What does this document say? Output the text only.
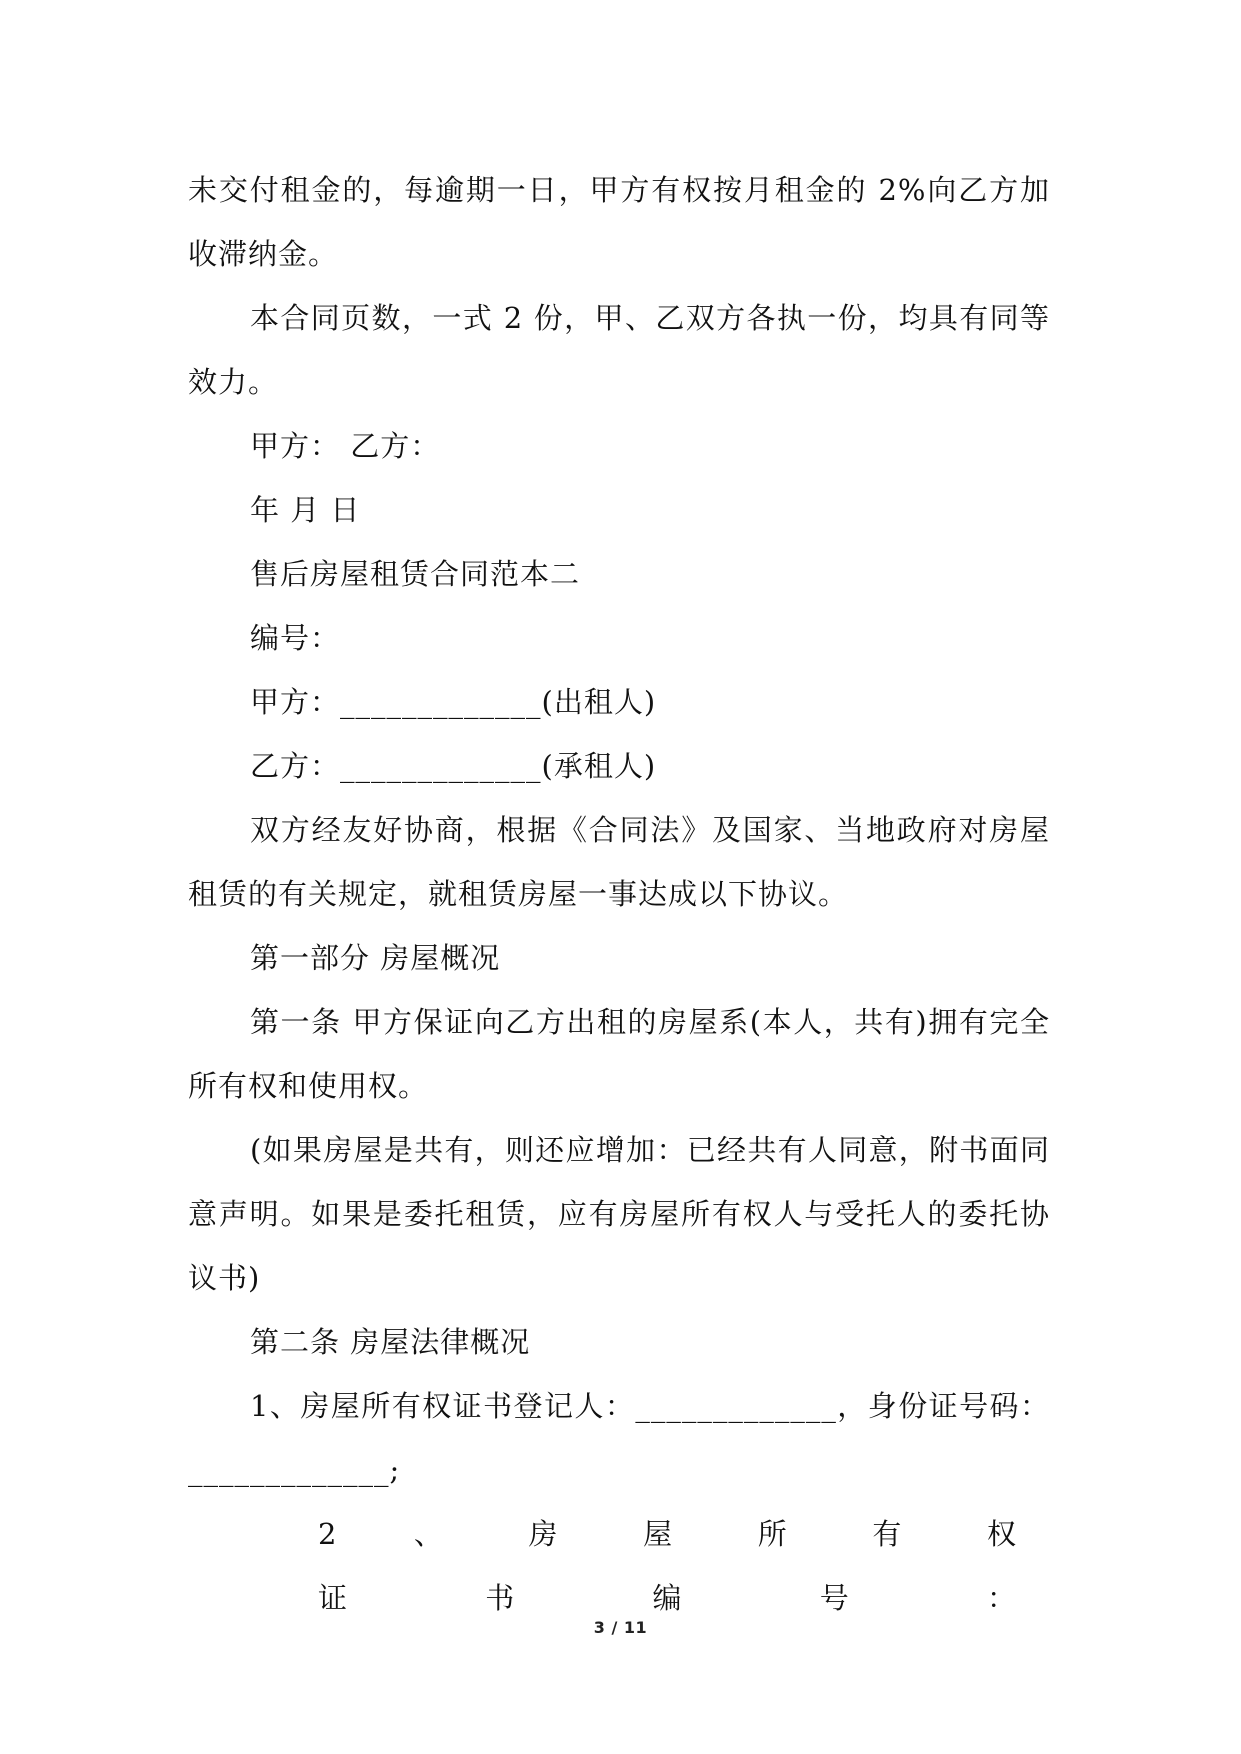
未交付租金的，每逾期一日，甲方有权按月租金的 2%向乙方加收滞纳金。

本合同页数，一式 2 份，甲、乙双方各执一份，均具有同等效力。

甲方： 乙方：

年 月 日

售后房屋租赁合同范本二

编号：

甲方：_____________(出租人)

乙方：_____________(承租人)

双方经友好协商，根据《合同法》及国家、当地政府对房屋租赁的有关规定，就租赁房屋一事达成以下协议。

第一部分 房屋概况

第一条 甲方保证向乙方出租的房屋系(本人，共有)拥有完全所有权和使用权。

(如果房屋是共有，则还应增加：已经共有人同意，附书面同意声明。如果是委托租赁，应有房屋所有权人与受托人的委托协议书)

第二条 房屋法律概况

1、房屋所有权证书登记人：_____________，身份证号码：_____________;

2 、 房 屋 所 有 权 证 书 编 号 ：

3 / 11
